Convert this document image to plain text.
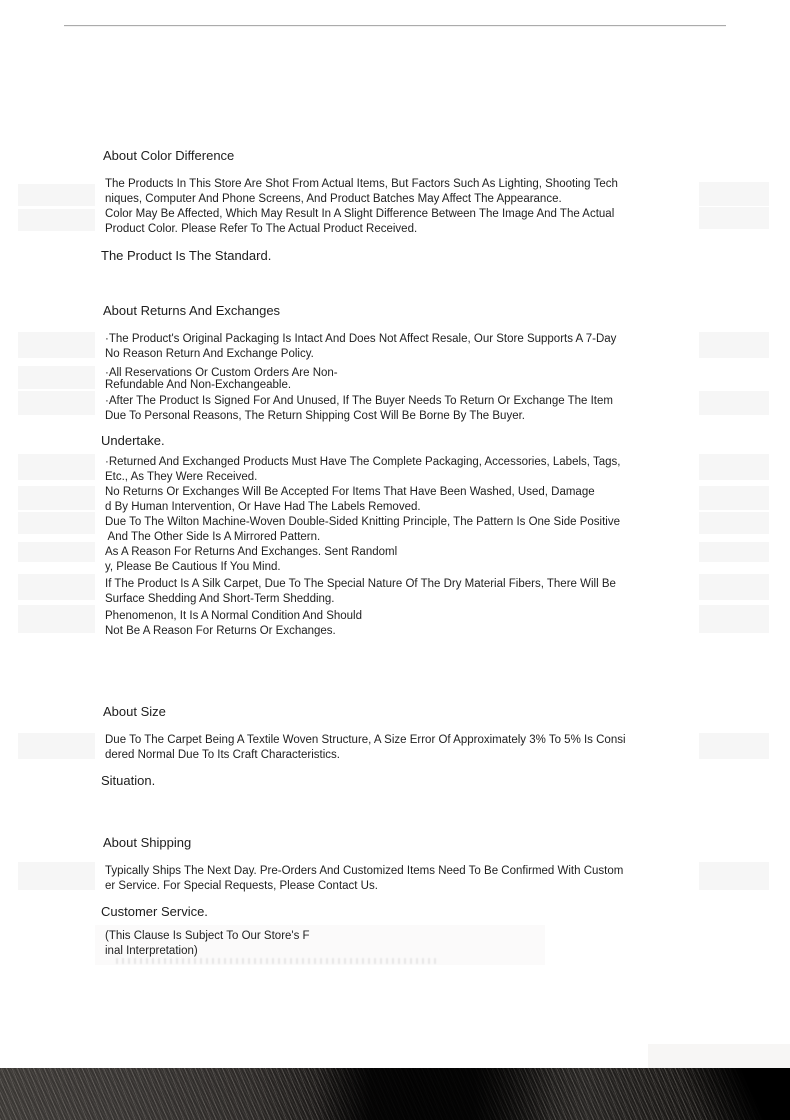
About Color Difference
The Products In This Store Are Shot From Actual Items, But Factors Such As Lighting, Shooting Tech
niques, Computer And Phone Screens, And Product Batches May Affect The Appearance.
Color May Be Affected, Which May Result In A Slight Difference Between The Image And The Actual
Product Color. Please Refer To The Actual Product Received.
The Product Is The Standard.
About Returns And Exchanges
·The Product's Original Packaging Is Intact And Does Not Affect Resale, Our Store Supports A 7-Day
No Reason Return And Exchange Policy.
·All Reservations Or Custom Orders Are Non-
Refundable And Non-Exchangeable.
·After The Product Is Signed For And Unused, If The Buyer Needs To Return Or Exchange The Item
Due To Personal Reasons, The Return Shipping Cost Will Be Borne By The Buyer.
Undertake.
·Returned And Exchanged Products Must Have The Complete Packaging, Accessories, Labels, Tags,
Etc., As They Were Received.
No Returns Or Exchanges Will Be Accepted For Items That Have Been Washed, Used, Damage
d By Human Intervention, Or Have Had The Labels Removed.
Due To The Wilton Machine-Woven Double-Sided Knitting Principle, The Pattern Is One Side Positive
And The Other Side Is A Mirrored Pattern.
As A Reason For Returns And Exchanges. Sent Randoml
y, Please Be Cautious If You Mind.
If The Product Is A Silk Carpet, Due To The Special Nature Of The Dry Material Fibers, There Will Be
Surface Shedding And Short-Term Shedding.
Phenomenon, It Is A Normal Condition And Should
Not Be A Reason For Returns Or Exchanges.
About Size
Due To The Carpet Being A Textile Woven Structure, A Size Error Of Approximately 3% To 5% Is Consi
dered Normal Due To Its Craft Characteristics.
Situation.
About Shipping
Typically Ships The Next Day. Pre-Orders And Customized Items Need To Be Confirmed With Custom
er Service. For Special Requests, Please Contact Us.
Customer Service.
(This Clause Is Subject To Our Store's F
inal Interpretation)
